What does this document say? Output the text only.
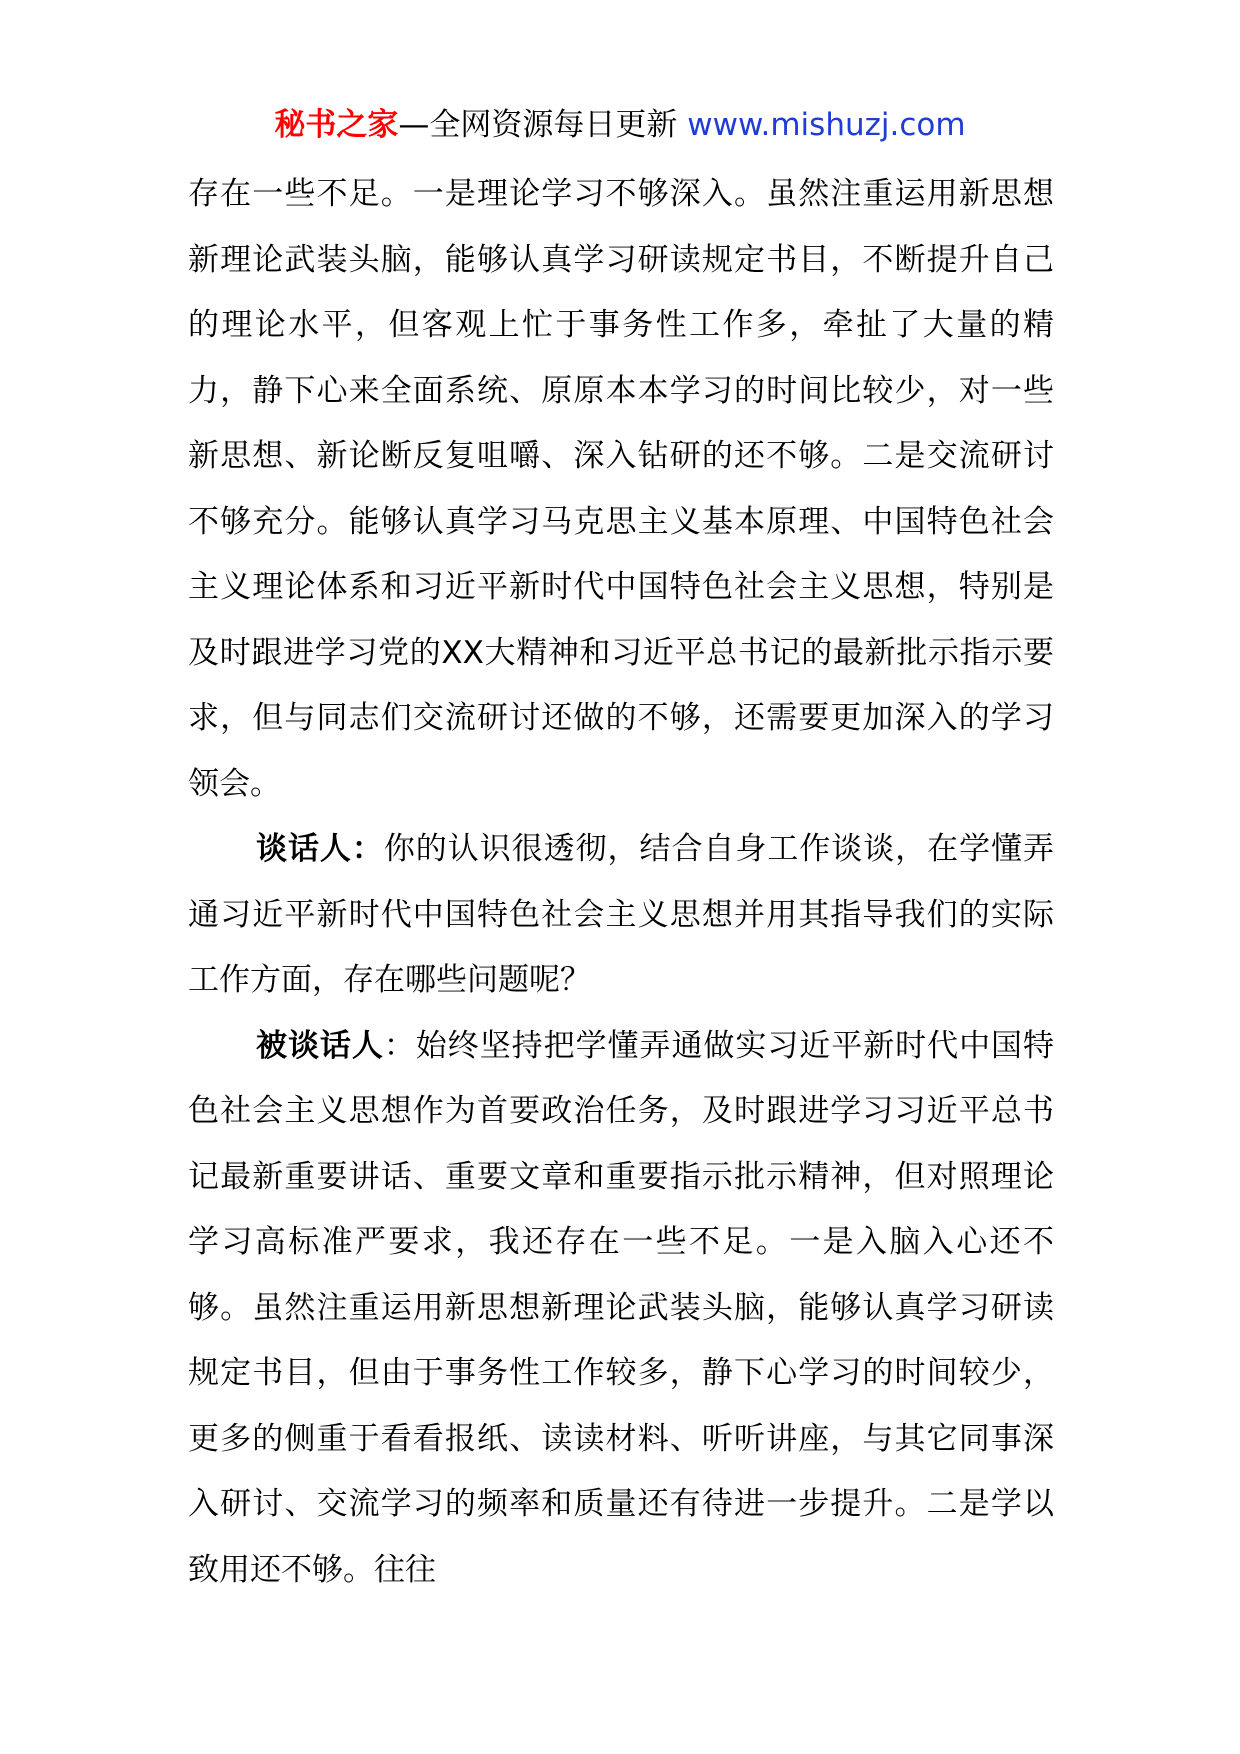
秘书之家—全网资源每日更新 www.mishuzj.com

存在一些不足。一是理论学习不够深入。虽然注重运用新思想新理论武装头脑，能够认真学习研读规定书目，不断提升自己的理论水平，但客观上忙于事务性工作多，牵扯了大量的精力，静下心来全面系统、原原本本学习的时间比较少，对一些新思想、新论断反复咀嚼、深入钻研的还不够。二是交流研讨不够充分。能够认真学习马克思主义基本原理、中国特色社会主义理论体系和习近平新时代中国特色社会主义思想，特别是及时跟进学习党的XX大精神和习近平总书记的最新批示指示要求，但与同志们交流研讨还做的不够，还需要更加深入的学习领会。

谈话人：你的认识很透彻，结合自身工作谈谈，在学懂弄通习近平新时代中国特色社会主义思想并用其指导我们的实际工作方面，存在哪些问题呢？

被谈话人：始终坚持把学懂弄通做实习近平新时代中国特色社会主义思想作为首要政治任务，及时跟进学习习近平总书记最新重要讲话、重要文章和重要指示批示精神，但对照理论学习高标准严要求，我还存在一些不足。一是入脑入心还不够。虽然注重运用新思想新理论武装头脑，能够认真学习研读规定书目，但由于事务性工作较多，静下心学习的时间较少，更多的侧重于看看报纸、读读材料、听听讲座，与其它同事深入研讨、交流学习的频率和质量还有待进一步提升。二是学以致用还不够。往往
